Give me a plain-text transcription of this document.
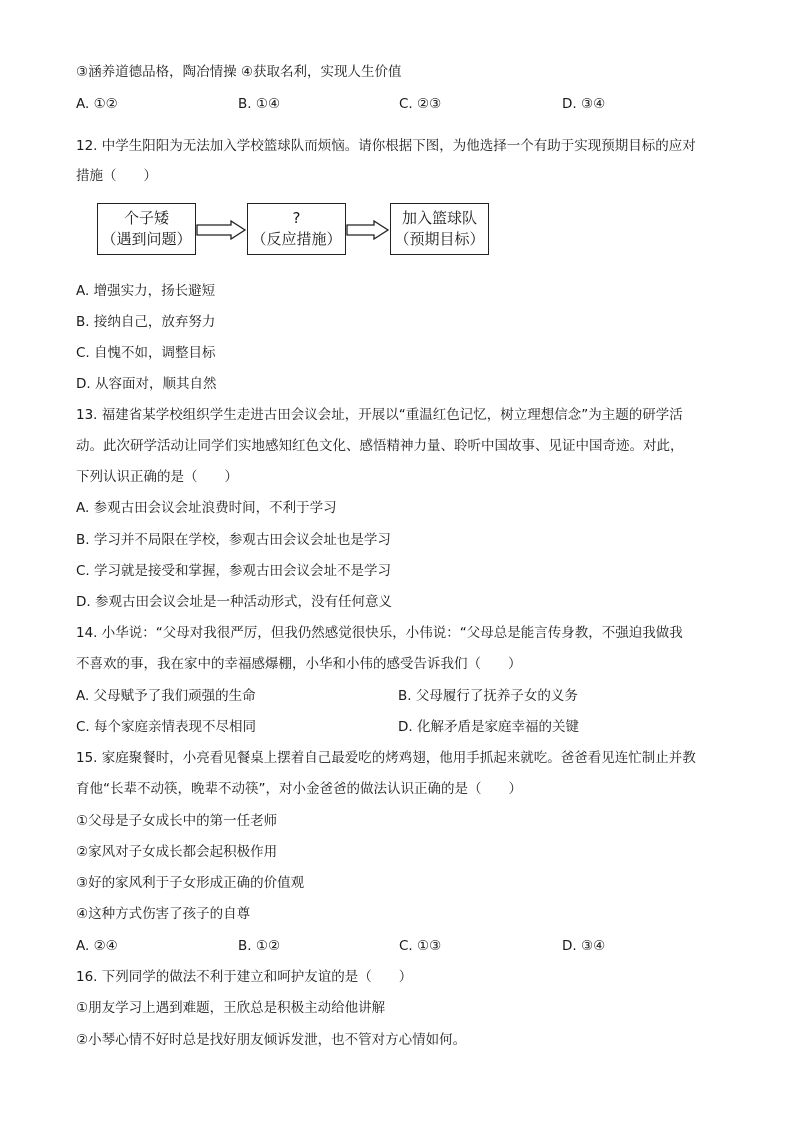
③涵养道德品格，陶冶情操 ④获取名利，实现人生价值
A. ①②	B. ①④	C. ②③	D. ③④
12. 中学生阳阳为无法加入学校篮球队而烦恼。请你根据下图，为他选择一个有助于实现预期目标的应对
措施（　　）
个子矮
（遇到问题）
?
（反应措施）
加入篮球队
（预期目标）
A. 增强实力，扬长避短
B. 接纳自己，放弃努力
C. 自愧不如，调整目标
D. 从容面对，顺其自然
13. 福建省某学校组织学生走进古田会议会址，开展以“重温红色记忆，树立理想信念”为主题的研学活
动。此次研学活动让同学们实地感知红色文化、感悟精神力量、聆听中国故事、见证中国奇迹。对此，
下列认识正确的是（　　）
A. 参观古田会议会址浪费时间，不利于学习
B. 学习并不局限在学校，参观古田会议会址也是学习
C. 学习就是接受和掌握，参观古田会议会址不是学习
D. 参观古田会议会址是一种活动形式，没有任何意义
14. 小华说：“父母对我很严厉，但我仍然感觉很快乐，小伟说：“父母总是能言传身教，不强迫我做我
不喜欢的事，我在家中的幸福感爆棚，小华和小伟的感受告诉我们（　　）
A. 父母赋予了我们顽强的生命	B. 父母履行了抚养子女的义务
C. 每个家庭亲情表现不尽相同	D. 化解矛盾是家庭幸福的关键
15. 家庭聚餐时，小亮看见餐桌上摆着自己最爱吃的烤鸡翅，他用手抓起来就吃。爸爸看见连忙制止并教
育他“长辈不动筷，晚辈不动筷”，对小金爸爸的做法认识正确的是（　　）
①父母是子女成长中的第一任老师
②家风对子女成长都会起积极作用
③好的家风利于子女形成正确的价值观
④这种方式伤害了孩子的自尊
A. ②④	B. ①②	C. ①③	D. ③④
16. 下列同学的做法不利于建立和呵护友谊的是（　　）
①朋友学习上遇到难题，王欣总是积极主动给他讲解
②小琴心情不好时总是找好朋友倾诉发泄，也不管对方心情如何。
